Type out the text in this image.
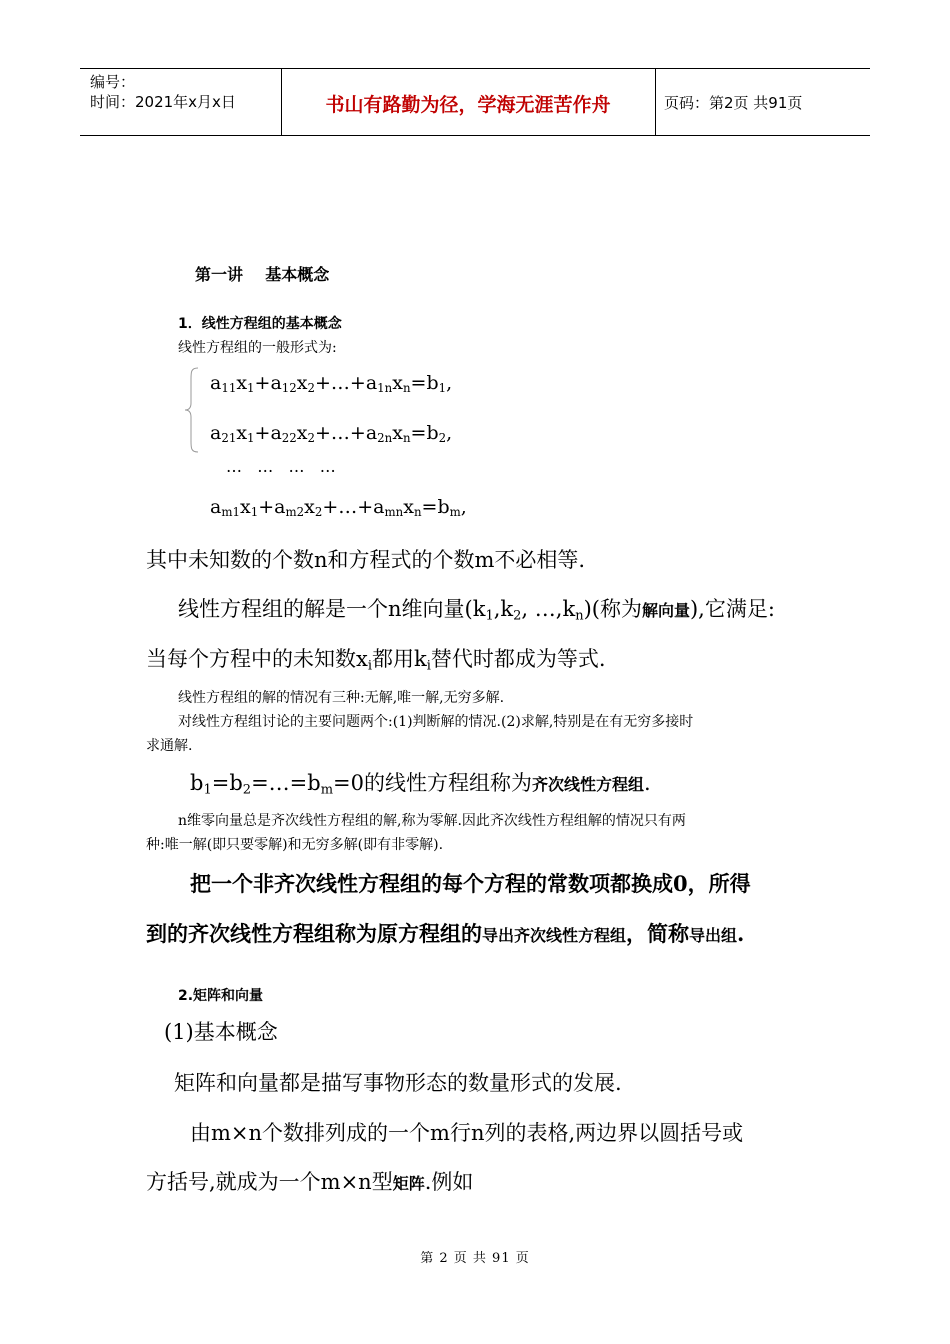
编号：
时间：2021年x月x日	书山有路勤为径，学海无涯苦作舟	页码：第2页 共91页
第一讲    基本概念
1．线性方程组的基本概念
线性方程组的一般形式为:
$a_{11}x_1+a_{12}x_2+\dots+a_{1n}x_n=b_1$,
$a_{21}x_1+a_{22}x_2+\dots+a_{2n}x_n=b_2$,
…   …   …   …
$a_{m1}x_1+a_{m2}x_2+\dots+a_{mn}x_n=b_m$,
其中未知数的个数n和方程式的个数m不必相等.
线性方程组的解是一个n维向量($k_1,k_2$, $\dots,k_n$)(称为解向量),它满足:
当每个方程中的未知数$x_i$都用$k_i$替代时都成为等式.
线性方程组的解的情况有三种:无解,唯一解,无穷多解.
对线性方程组讨论的主要问题两个:(1)判断解的情况.(2)求解,特别是在有无穷多接时
求通解.
$b_1=b_2=\dots=b_m=0$的线性方程组称为齐次线性方程组.
n维零向量总是齐次线性方程组的解,称为零解.因此齐次线性方程组解的情况只有两
种:唯一解(即只要零解)和无穷多解(即有非零解).
把一个非齐次线性方程组的每个方程的常数项都换成0，所得
到的齐次线性方程组称为原方程组的导出齐次线性方程组，简称导出组.
2.矩阵和向量
(1)基本概念
矩阵和向量都是描写事物形态的数量形式的发展.
由m×n个数排列成的一个m行n列的表格,两边界以圆括号或
方括号,就成为一个m×n型矩阵.例如
第 2 页 共 91 页
